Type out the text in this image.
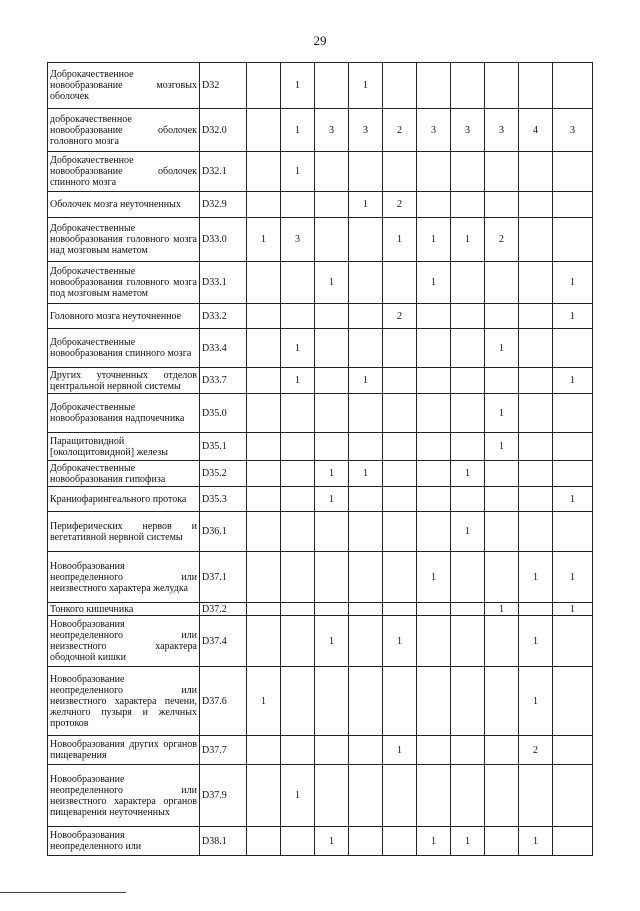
29
Доброкачественное новообразование мозговых оболочек	D32		1		1						
доброкачественное новообразование оболочек головного мозга	D32.0		1	3	3	2	3	3	3	4	3
Доброкачественное новообразование оболочек спинного мозга	D32.1		1								
Оболочек мозга неуточненных	D32.9				1	2					
Доброкачественные новообразования головного мозга над мозговым наметом	D33.0	1	3			1	1	1	2		
Доброкачественные новообразования головного мозга под мозговым наметом	D33.1			1			1				1
Головного мозга неуточненное	D33.2					2					1
Доброкачественные новообразования спинного мозга	D33.4		1						1		
Других уточненных отделов центральной нервной системы	D33.7		1		1						1
Доброкачественные новообразования надпочечника	D35.0								1		
Паращитовидной [околощитовидной] железы	D35.1								1		
Доброкачественные новообразования гипофиза	D35.2			1	1			1			
Краниофарингеального протока	D35.3			1							1
Периферических нервов и вегетативной нервной системы	D36.1							1			
Новообразования неопределенного или неизвестного характера желудка	D37.1						1			1	1
Тонкого кишечника	D37.2								1		1
Новообразования неопределенного или неизвестного характера ободочной кишки	D37.4			1		1				1	
Новообразование неопределенного или неизвестного характера печени, желчного пузыря и желчных протоков	D37.6	1								1	
Новообразования других органов пищеварения	D37.7					1				2	
Новообразование неопределенного или неизвестного характера органов пищеварения неуточненных	D37.9		1								
Новообразования неопределенного или	D38.1			1			1	1		1	
